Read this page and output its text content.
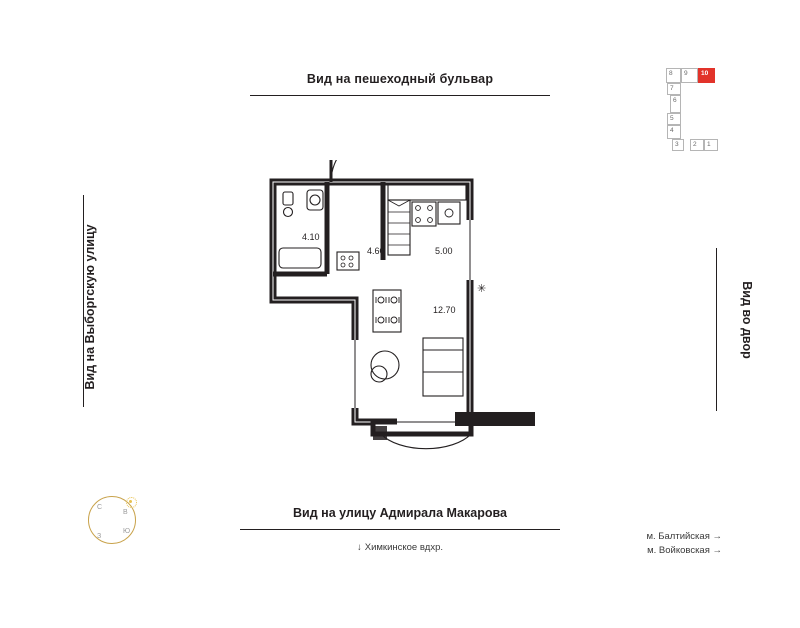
Вид на пешеходный бульвар
Вид на улицу Адмирала Макарова
Вид на Выборгскую улицу	Вид во двор
↓ Химкинское вдхр.
м. Балтийская →
м. Войковская →
С
В
Ю
З
8	9	10
7
6
5
4
3	2	1
✳
4.10
4.60	5.00
12.70
